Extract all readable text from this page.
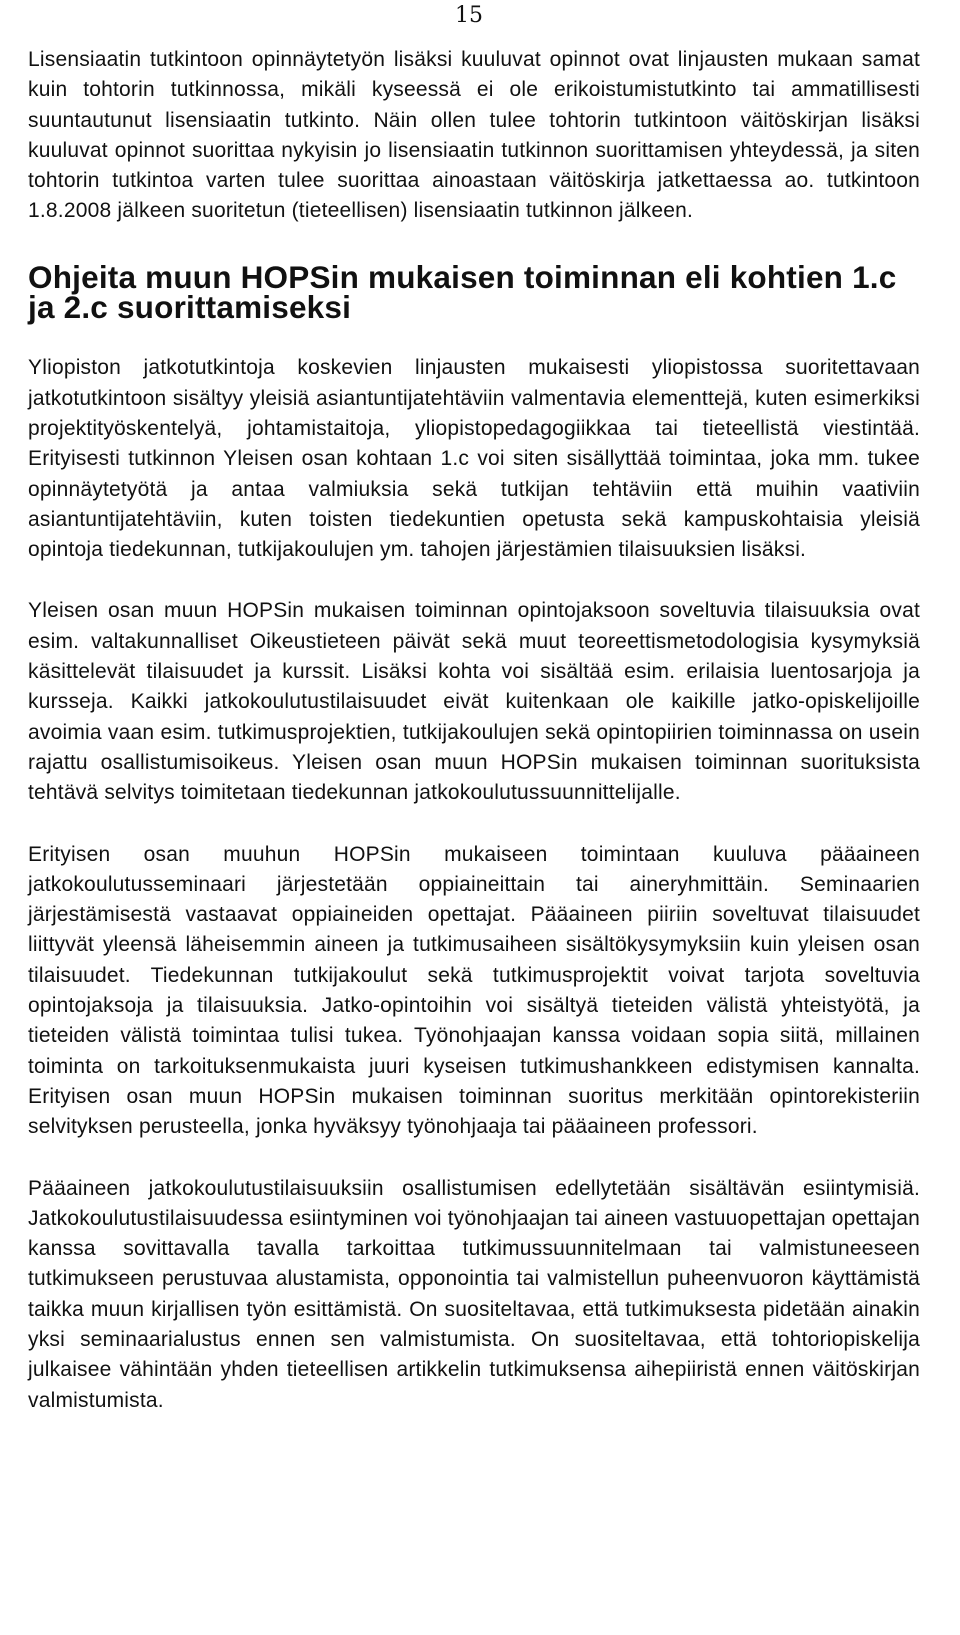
15

Lisensiaatin tutkintoon opinnäytetyön lisäksi kuuluvat opinnot ovat linjausten mukaan samat kuin tohtorin tutkinnossa, mikäli kyseessä ei ole erikoistumistutkinto tai ammatillisesti suuntautunut lisensiaatin tutkinto. Näin ollen tulee tohtorin tutkintoon väitöskirjan lisäksi kuuluvat opinnot suorittaa nykyisin jo lisensiaatin tutkinnon suorittamisen yhteydessä, ja siten tohtorin tutkintoa varten tulee suorittaa ainoastaan väitöskirja jatkettaessa ao. tutkintoon 1.8.2008 jälkeen suoritetun (tieteellisen) lisensiaatin tutkinnon jälkeen.

Ohjeita muun HOPSin mukaisen toiminnan eli kohtien 1.c ja 2.c suorittamiseksi

Yliopiston jatkotutkintoja koskevien linjausten mukaisesti yliopistossa suoritettavaan jatkotutkintoon sisältyy yleisiä asiantuntijatehtäviin valmentavia elementtejä, kuten esimerkiksi projektityöskentelyä, johtamistaitoja, yliopistopedagogiikkaa tai tieteellistä viestintää. Erityisesti tutkinnon Yleisen osan kohtaan 1.c voi siten sisällyttää toimintaa, joka mm. tukee opinnäytetyötä ja antaa valmiuksia sekä tutkijan tehtäviin että muihin vaativiin asiantuntijatehtäviin, kuten toisten tiedekuntien opetusta sekä kampuskohtaisia yleisiä opintoja tiedekunnan, tutkijakoulujen ym. tahojen järjestämien tilaisuuksien lisäksi.

Yleisen osan muun HOPSin mukaisen toiminnan opintojaksoon soveltuvia tilaisuuksia ovat esim. valtakunnalliset Oikeustieteen päivät sekä muut teoreettismetodologisia kysymyksiä käsittelevät tilaisuudet ja kurssit. Lisäksi kohta voi sisältää esim. erilaisia luentosarjoja ja kursseja. Kaikki jatkokoulutustilaisuudet eivät kuitenkaan ole kaikille jatko-opiskelijoille avoimia vaan esim. tutkimusprojektien, tutkijakoulujen sekä opintopiirien toiminnassa on usein rajattu osallistumisoikeus. Yleisen osan muun HOPSin mukaisen toiminnan suorituksista tehtävä selvitys toimitetaan tiedekunnan jatkokoulutussuunnittelijalle.

Erityisen osan muuhun HOPSin mukaiseen toimintaan kuuluva pääaineen jatkokoulutusseminaari järjestetään oppiaineittain tai aineryhmittäin. Seminaarien järjestämisestä vastaavat oppiaineiden opettajat. Pääaineen piiriin soveltuvat tilaisuudet liittyvät yleensä läheisemmin aineen ja tutkimusaiheen sisältökysymyksiin kuin yleisen osan tilaisuudet. Tiedekunnan tutkijakoulut sekä tutkimusprojektit voivat tarjota soveltuvia opintojaksoja ja tilaisuuksia. Jatko-opintoihin voi sisältyä tieteiden välistä yhteistyötä, ja tieteiden välistä toimintaa tulisi tukea. Työnohjaajan kanssa voidaan sopia siitä, millainen toiminta on tarkoituksenmukaista juuri kyseisen tutkimushankkeen edistymisen kannalta. Erityisen osan muun HOPSin mukaisen toiminnan suoritus merkitään opintorekisteriin selvityksen perusteella, jonka hyväksyy työnohjaaja tai pääaineen professori.

Pääaineen jatkokoulutustilaisuuksiin osallistumisen edellytetään sisältävän esiintymisiä. Jatkokoulutustilaisuudessa esiintyminen voi työnohjaajan tai aineen vastuuopettajan opettajan kanssa sovittavalla tavalla tarkoittaa tutkimussuunnitelmaan tai valmistuneeseen tutkimukseen perustuvaa alustamista, opponointia tai valmistellun puheenvuoron käyttämistä taikka muun kirjallisen työn esittämistä. On suositeltavaa, että tutkimuksesta pidetään ainakin yksi seminaarialustus ennen sen valmistumista. On suositeltavaa, että tohtoriopiskelija julkaisee vähintään yhden tieteellisen artikkelin tutkimuksensa aihepiiristä ennen väitöskirjan valmistumista.
